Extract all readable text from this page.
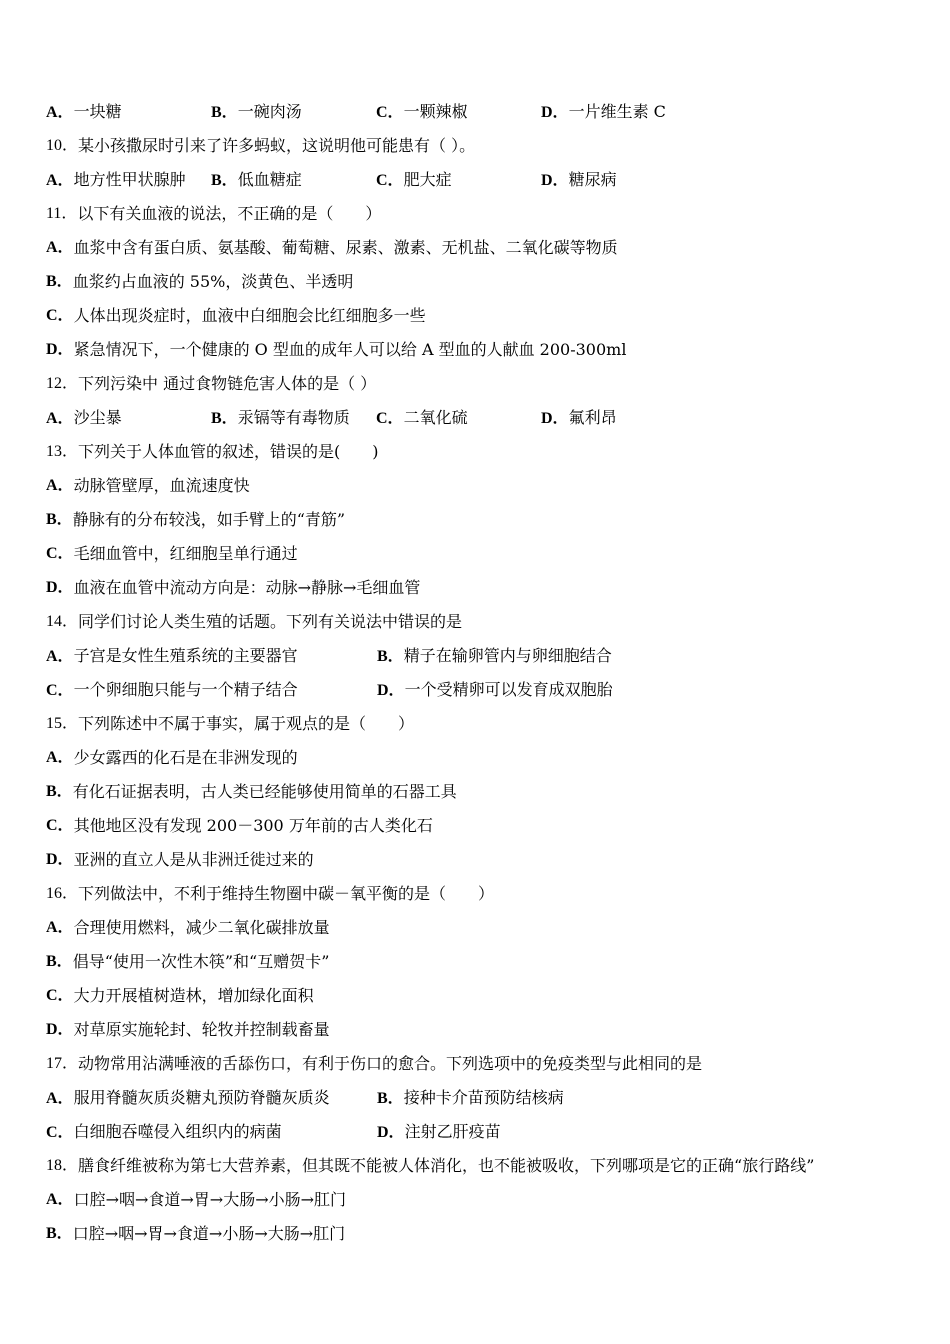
A．一块糖	B．一碗肉汤	C．一颗辣椒	D．一片维生素 C
10． 某小孩撒尿时引来了许多蚂蚁，这说明他可能患有（ ）。
A．地方性甲状腺肿	B．低血糖症	C．肥大症	D．糖尿病
11． 以下有关血液的说法，不正确的是（　　）
A． 血浆中含有蛋白质、氨基酸、葡萄糖、尿素、激素、无机盐、二氧化碳等物质
B． 血浆约占血液的 55%，淡黄色、半透明
C． 人体出现炎症时，血液中白细胞会比红细胞多一些
D． 紧急情况下，一个健康的 O 型血的成年人可以给 A 型血的人献血 200-300ml
12． 下列污染中 通过食物链危害人体的是（ ）
A．沙尘暴	B．汞镉等有毒物质	C．二氧化硫	D．氟利昂
13． 下列关于人体血管的叙述，错误的是(　　)
A． 动脉管壁厚，血流速度快
B． 静脉有的分布较浅，如手臂上的“青筋”
C． 毛细血管中，红细胞呈单行通过
D． 血液在血管中流动方向是：动脉→静脉→毛细血管
14． 同学们讨论人类生殖的话题。下列有关说法中错误的是
A．子宫是女性生殖系统的主要器官	B．精子在输卵管内与卵细胞结合
C．一个卵细胞只能与一个精子结合	D．一个受精卵可以发育成双胞胎
15． 下列陈述中不属于事实，属于观点的是（　　）
A． 少女露西的化石是在非洲发现的
B． 有化石证据表明，古人类已经能够使用简单的石器工具
C． 其他地区没有发现 200－300 万年前的古人类化石
D． 亚洲的直立人是从非洲迁徙过来的
16． 下列做法中，不利于维持生物圈中碳－氧平衡的是（　　）
A． 合理使用燃料，减少二氧化碳排放量
B． 倡导“使用一次性木筷”和“互赠贺卡”
C． 大力开展植树造林，增加绿化面积
D． 对草原实施轮封、轮牧并控制载畜量
17． 动物常用沾满唾液的舌舔伤口，有利于伤口的愈合。下列选项中的免疫类型与此相同的是
A．服用脊髓灰质炎糖丸预防脊髓灰质炎	B．接种卡介苗预防结核病
C．白细胞吞噬侵入组织内的病菌	D．注射乙肝疫苗
18． 膳食纤维被称为第七大营养素，但其既不能被人体消化，也不能被吸收，下列哪项是它的正确“旅行路线”
A． 口腔→咽→食道→胃→大肠→小肠→肛门
B． 口腔→咽→胃→食道→小肠→大肠→肛门
